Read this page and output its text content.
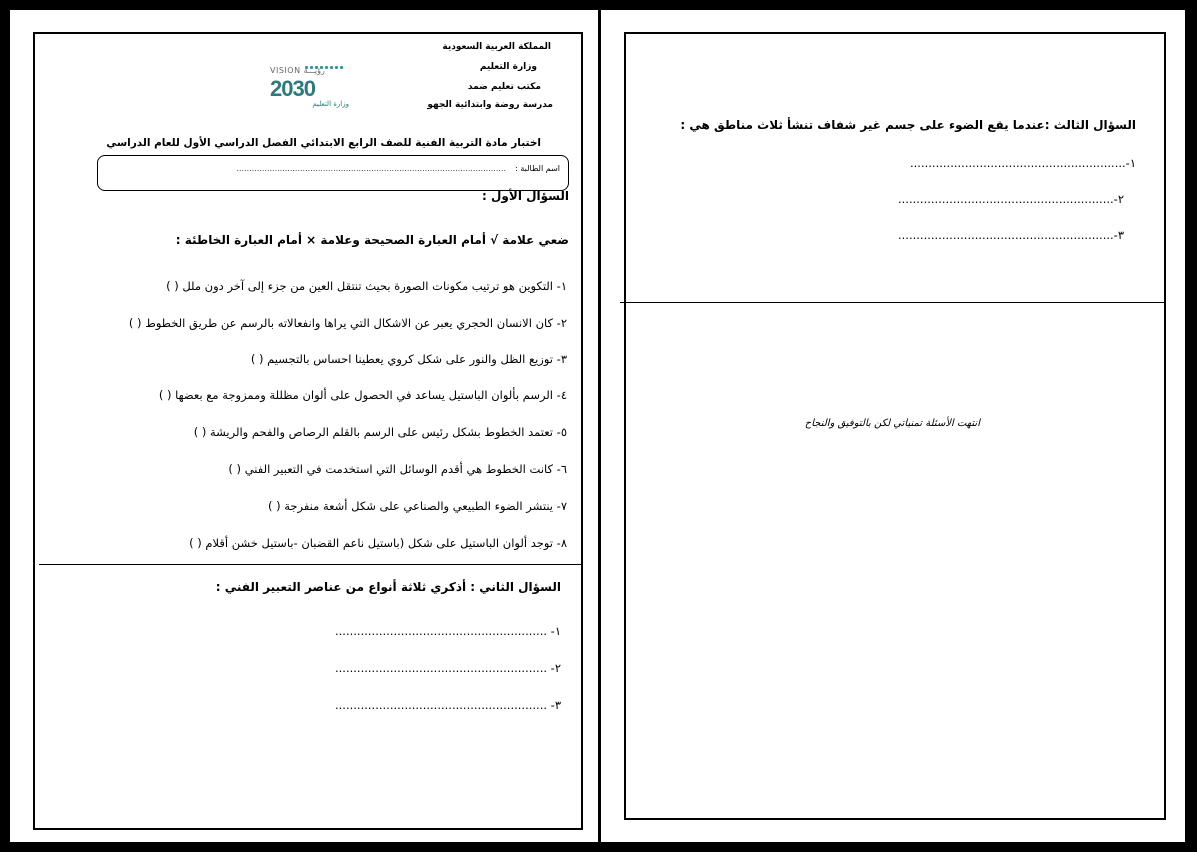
المملكة العربية السعودية
وزارة التعليم
مكتب تعليم ضمد
مدرسة روضة وابتدائية الجهو
VISION رؤيـــة
2030
وزارة التعليم
اختبار مادة التربية الفنية للصف الرابع الابتدائي الفصل الدراسي الأول للعام الدراسي
اسم الطالبة :
..........................................................................................................
السؤال الأول :
ضعي علامة √ أمام العبارة الصحيحة وعلامة × أمام العبارة الخاطئة :
١- التكوين هو ترتيب مكونات الصورة بحيث تنتقل العين من جزء إلى آخر دون ملل ( )
٢- كان الانسان الحجري يعبر عن الاشكال التي يراها وانفعالاته بالرسم عن طريق الخطوط ( )
٣- توزيع الظل والنور على شكل كروي يعطينا احساس بالتجسيم ( )
٤- الرسم بألوان الباستيل يساعد في الحصول على ألوان مظللة وممزوجة مع بعضها ( )
٥- تعتمد الخطوط بشكل رئيس على الرسم بالقلم الرصاص والفحم والريشة ( )
٦- كانت الخطوط هي أقدم الوسائل التي استخدمت في التعبير الفني ( )
٧- ينتشر الضوء الطبيعي والصناعي على شكل أشعة منفرجة ( )
٨- توجد ألوان الباستيل على شكل (باستيل ناعم القضبان -باستيل خشن أقلام ( )
السؤال الثاني : أذكري ثلاثة أنواع من عناصر التعبير الفني :
١- ..........................................................
٢- ..........................................................
٣- ..........................................................
السؤال الثالث :عندما يقع الضوء على جسم غير شفاف تنشأ ثلاث مناطق هي :
١-...........................................................
٢-...........................................................
٣-...........................................................
انتهت الأسئلة تمنياتي لكن بالتوفيق والنجاح
